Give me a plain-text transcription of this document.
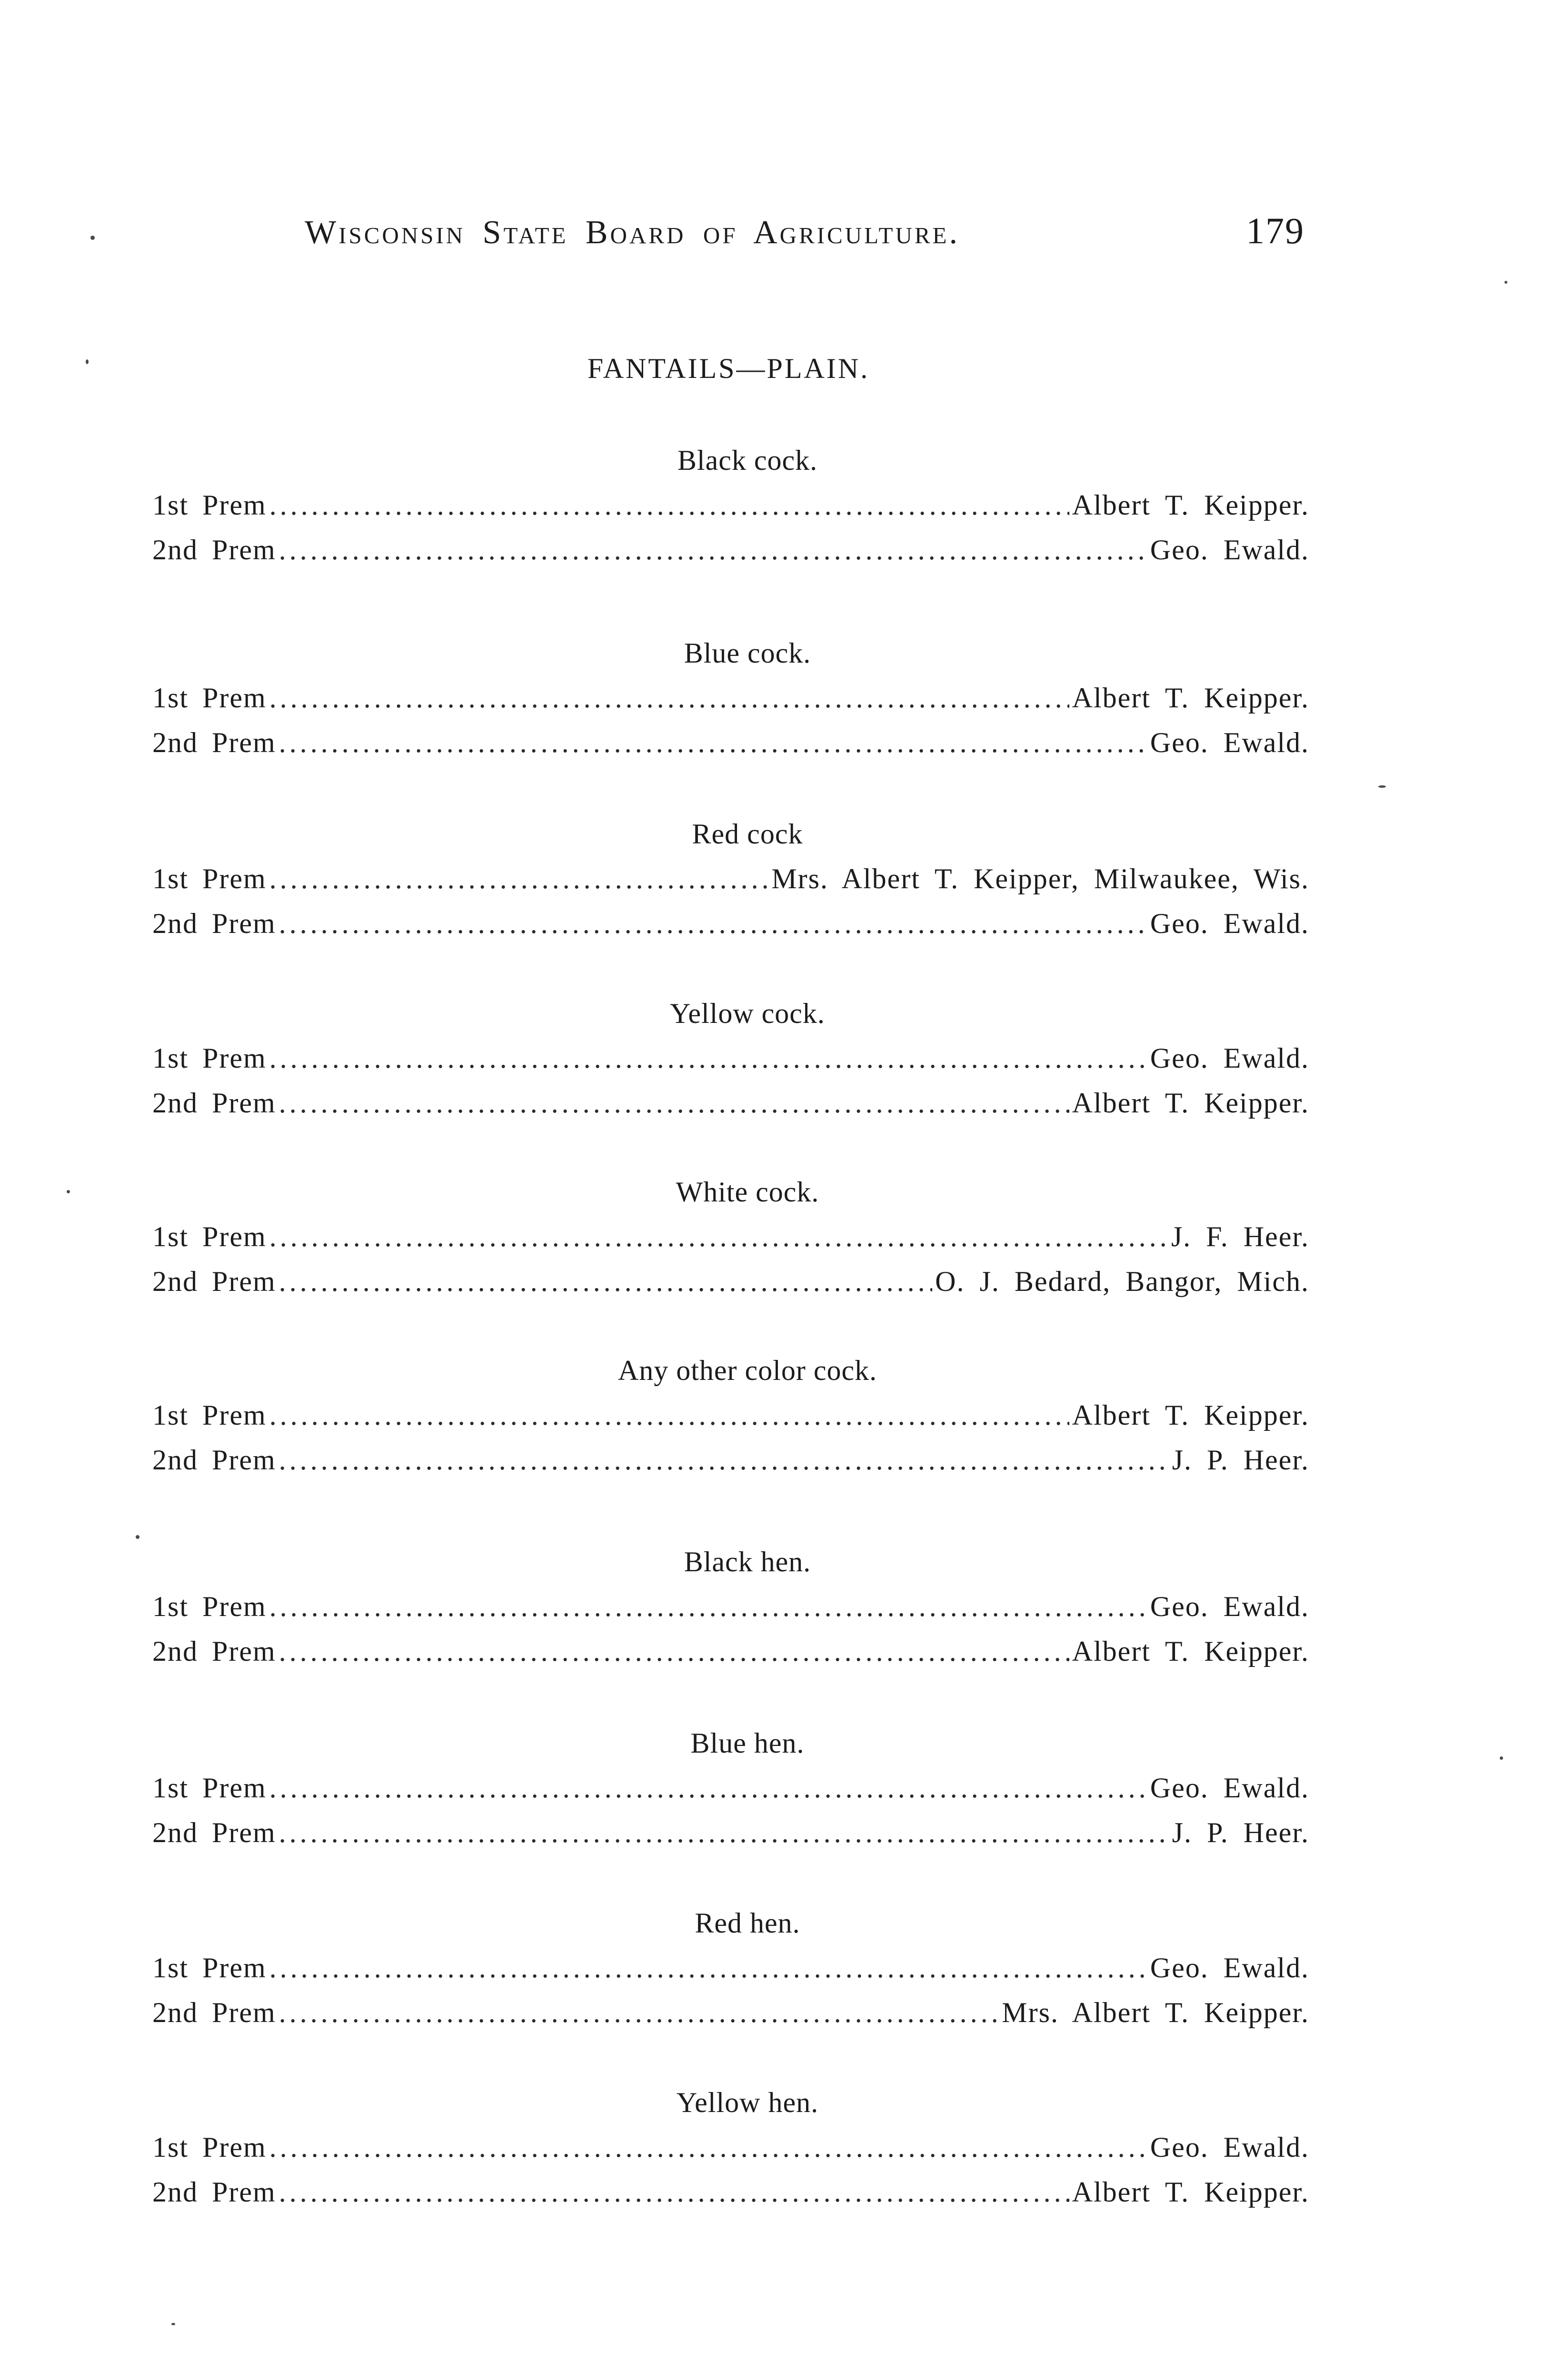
Wisconsin State Board of Agriculture.	179
FANTAILS—PLAIN.
Black cock.
1st Prem .....	Albert T. Keipper.
2nd Prem .....	Geo. Ewald.
Blue cock.
1st Prem .....	Albert T. Keipper.
2nd Prem .....	Geo. Ewald.
Red cock
1st Prem .....	Mrs. Albert T. Keipper, Milwaukee, Wis.
2nd Prem .....	Geo. Ewald.
Yellow cock.
1st Prem .....	Geo. Ewald.
2nd Prem .....	Albert T. Keipper.
White cock.
1st Prem .....	J. F. Heer.
2nd Prem .....	O. J. Bedard, Bangor, Mich.
Any other color cock.
1st Prem .....	Albert T. Keipper.
2nd Prem .....	J. P. Heer.
Black hen.
1st Prem .....	Geo. Ewald.
2nd Prem .....	Albert T. Keipper.
Blue hen.
1st Prem .....	Geo. Ewald.
2nd Prem .....	J. P. Heer.
Red hen.
1st Prem .....	Geo. Ewald.
2nd Prem .....	Mrs. Albert T. Keipper.
Yellow hen.
1st Prem .....	Geo. Ewald.
2nd Prem .....	Albert T. Keipper.
